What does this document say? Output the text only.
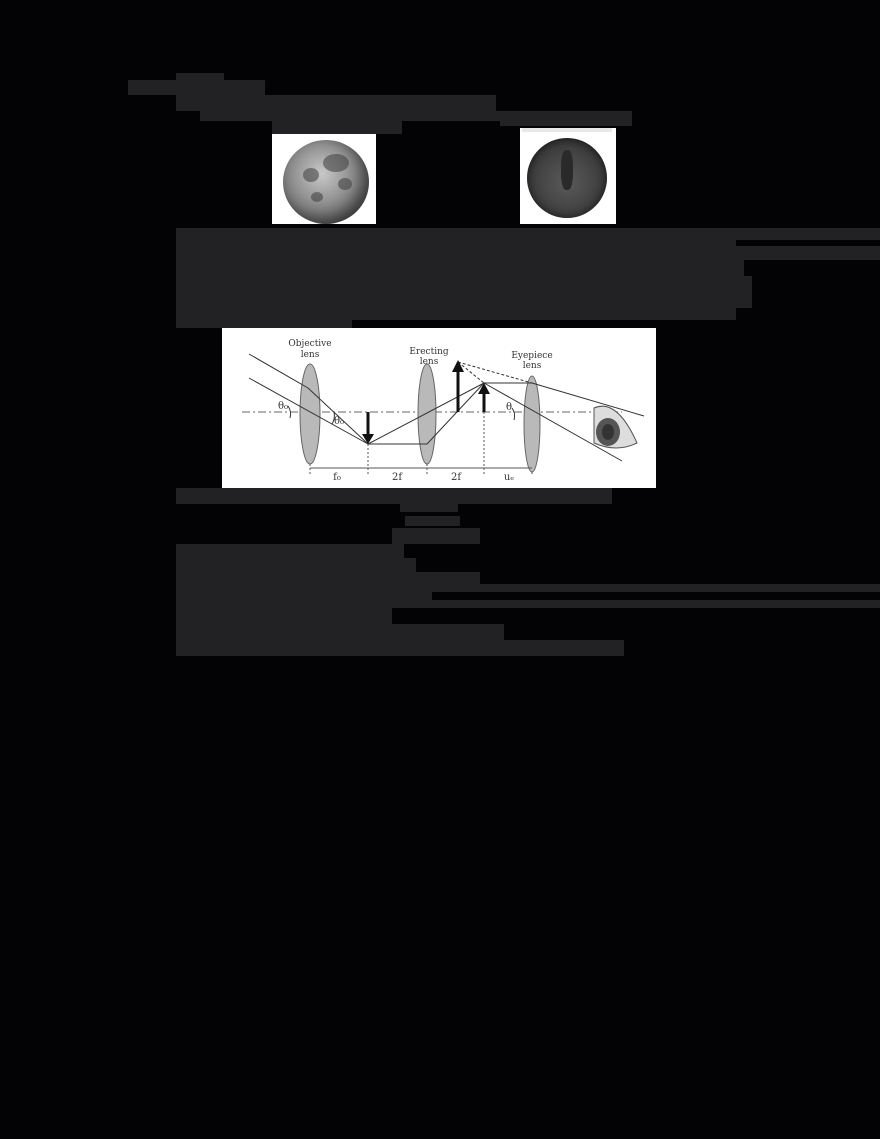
Objective
lens	Erecting
lens
Eyepiece
lens
θ₀
θ₀
θ
f₀	2f	2f	uₑ
